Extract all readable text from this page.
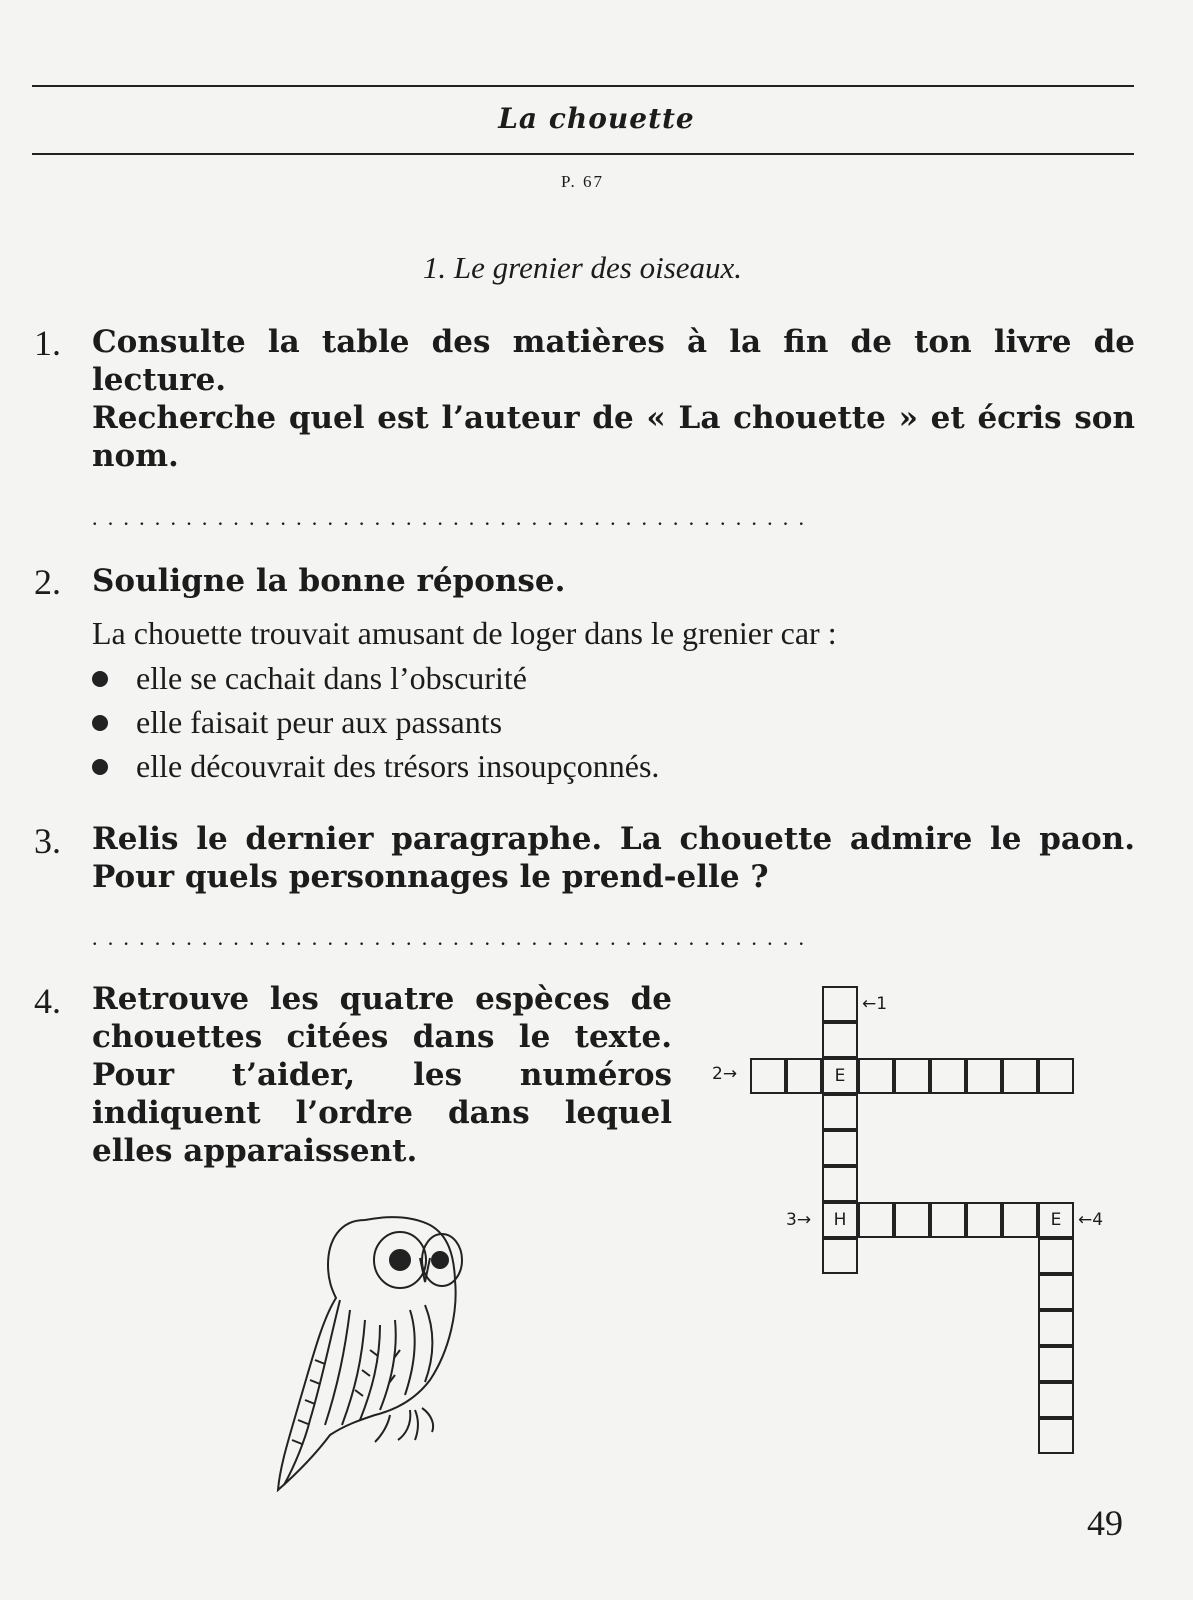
La chouette
P. 67
1. Le grenier des oiseaux.
1. Consulte la table des matières à la fin de ton livre de lecture.

Recherche quel est l’auteur de « La chouette » et écris son nom.

..............................................
2. Souligne la bonne réponse.
La chouette trouvait amusant de loger dans le grenier car :
elle se cachait dans l’obscurité
elle faisait peur aux passants
elle découvrait des trésors insoupçonnés.
3. Relis le dernier paragraphe. La chouette admire le paon. Pour quels personnages le prend-elle ?
..............................................
4. Retrouve les quatre espèces de chouettes citées dans le texte. Pour t’aider, les numéros indiquent l’ordre dans lequel elles apparaissent.
E
H	E
←1
2→
3→	←4
49
